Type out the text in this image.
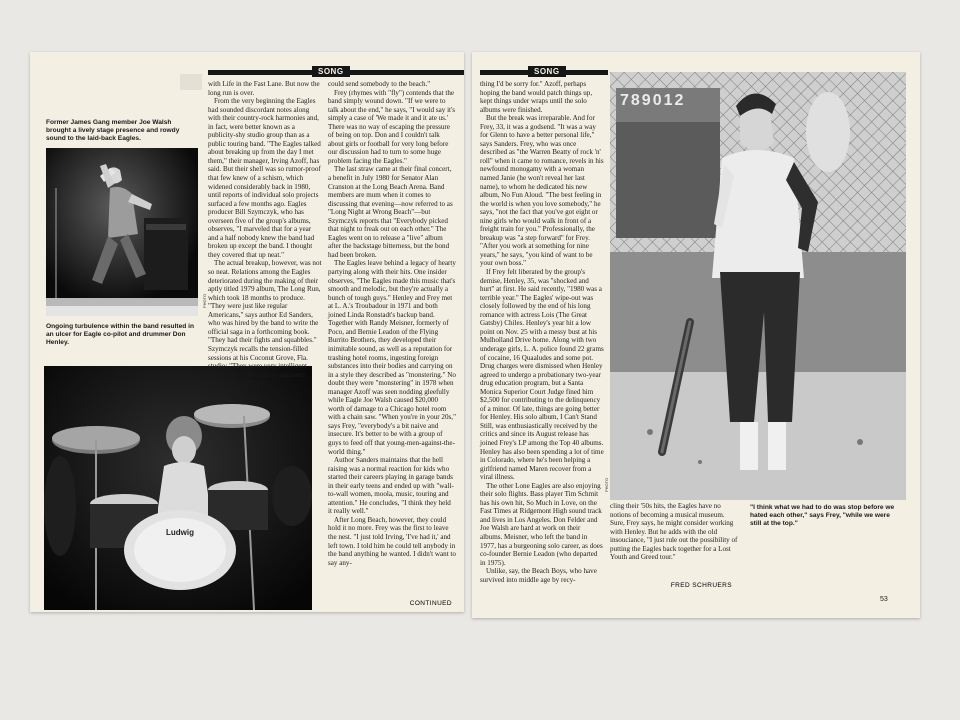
SONG
Former James Gang member Joe Walsh brought a lively stage presence and rowdy sound to the laid-back Eagles.
PHOTO
Ongoing turbulence within the band resulted in an ulcer for Eagle co-pilot and drummer Don Henley.
Ludwig

with Life in the Fast Lane. But now the long run is over.

From the very beginning the Eagles had sounded discordant notes along with their country-rock harmonies and, in fact, were better known as a publicity-shy studio group than as a public touring band. "The Eagles talked about breaking up from the day I met them," their manager, Irving Azoff, has said. But their shell was so rumor-proof that few knew of a schism, which widened considerably back in 1980, until reports of individual solo projects surfaced a few months ago. Eagles producer Bill Szymczyk, who has overseen five of the group's albums, observes, "I marveled that for a year and a half nobody knew the band had broken up except the band. I thought they covered that up neat."

The actual breakup, however, was not so neat. Relations among the Eagles deteriorated during the making of their aptly titled 1979 album, The Long Run, which took 18 months to produce. "They were just like regular Americans," says author Ed Sanders, who was hired by the band to write the official saga in a forthcoming book. "They had their fights and squabbles." Szymczyk recalls the tension-filled sessions at his Coconut Grove, Fla. studio: "They were very intelligent young men, and certain comments made here and there

could send somebody to the beach."

Frey (rhymes with "fly") contends that the band simply wound down. "If we were to talk about the end," he says, "I would say it's simply a case of 'We made it and it ate us.' There was no way of escaping the pressure of being on top. Don and I couldn't talk about girls or football for very long before our discussion had to turn to some huge problem facing the Eagles."

The last straw came at their final concert, a benefit in July 1980 for Senator Alan Cranston at the Long Beach Arena. Band members are mum when it comes to discussing that evening—now referred to as "Long Night at Wrong Beach"—but Szymczyk reports that "Everybody picked that night to freak out on each other." The Eagles went on to release a "live" album after the backstage bitterness, but the bond had been broken.

The Eagles leave behind a legacy of hearty partying along with their hits. One insider observes, "The Eagles made this music that's smooth and melodic, but they're actually a bunch of tough guys." Henley and Frey met at L. A.'s Troubadour in 1971 and both joined Linda Ronstadt's backup band. Together with Randy Meisner, formerly of Poco, and Bernie Leadon of the Flying Burrito Brothers, they developed their inimitable sound, as well as a reputation for trashing hotel rooms, ingesting foreign substances into their bodies and carrying on in a style they described as "monstering." No doubt they were "monstering" in 1978 when manager Azoff was seen nodding gleefully while Eagle Joe Walsh caused $20,000 worth of damage to a Chicago hotel room with a chain saw. "When you're in your 20s," says Frey, "everybody's a bit naive and insecure. It's better to be with a group of guys to feed off that young-men-against-the-world thing."

Author Sanders maintains that the hell raising was a normal reaction for kids who started their careers playing in garage bands in their early teens and ended up with "wall-to-wall women, moola, music, touring and attention." He concludes, "I think they held it really well."

After Long Beach, however, they could hold it no more. Frey was the first to leave the nest. "I just told Irving, 'I've had it,' and left town. I told him he could tell anybody in the band anything he wanted. I didn't want to say any-

CONTINUED
SONG
789012
PHOTO

thing I'd be sorry for." Azoff, perhaps hoping the band would patch things up, kept things under wraps until the solo albums were finished.

But the break was irreparable. And for Frey, 33, it was a godsend. "It was a way for Glenn to have a better personal life," says Sanders. Frey, who was once described as "the Warren Beatty of rock 'n' roll" when it came to romance, revels in his newfound monogamy with a woman named Janie (he won't reveal her last name), to whom he dedicated his new album, No Fun Aloud. "The best feeling in the world is when you love somebody," he says, "not the fact that you've got eight or nine girls who would walk in front of a freight train for you." Professionally, the breakup was "a step forward" for Frey. "After you work at something for nine years," he says, "you kind of want to be your own boss."

If Frey felt liberated by the group's demise, Henley, 35, was "shocked and hurt" at first. He said recently, "1980 was a terrible year." The Eagles' wipe-out was closely followed by the end of his long romance with actress Lois (The Great Gatsby) Chiles. Henley's year hit a low point on Nov. 25 with a messy bust at his Mulholland Drive home. Along with two underage girls, L. A. police found 22 grams of cocaine, 16 Quaaludes and some pot. Drug charges were dismissed when Henley agreed to undergo a probationary two-year drug education program, but a Santa Monica Superior Court Judge fined him $2,500 for contributing to the delinquency of a minor. Of late, things are going better for Henley. His solo album, I Can't Stand Still, was enthusiastically received by the critics and since its August release has joined Frey's LP among the Top 40 albums. Henley has also been spending a lot of time in Colorado, where he's been helping a girlfriend named Maren recover from a viral illness.

The other Lone Eagles are also enjoying their solo flights. Bass player Tim Schmit has his own hit, So Much in Love, on the Fast Times at Ridgemont High sound track and lives in Los Angeles. Don Felder and Joe Walsh are hard at work on their albums. Meisner, who left the band in 1977, has a burgeoning solo career, as does co-founder Bernie Leadon (who departed in 1975).

Unlike, say, the Beach Boys, who have survived into middle age by recy-

cling their '50s hits, the Eagles have no notions of becoming a musical museum. Sure, Frey says, he might consider working with Henley. But he adds with the old insouciance, "I just rule out the possibility of putting the Eagles back together for a Lost Youth and Greed tour."

FRED SCHRUERS
"I think what we had to do was stop before we hated each other," says Frey, "while we were still at the top."
53
